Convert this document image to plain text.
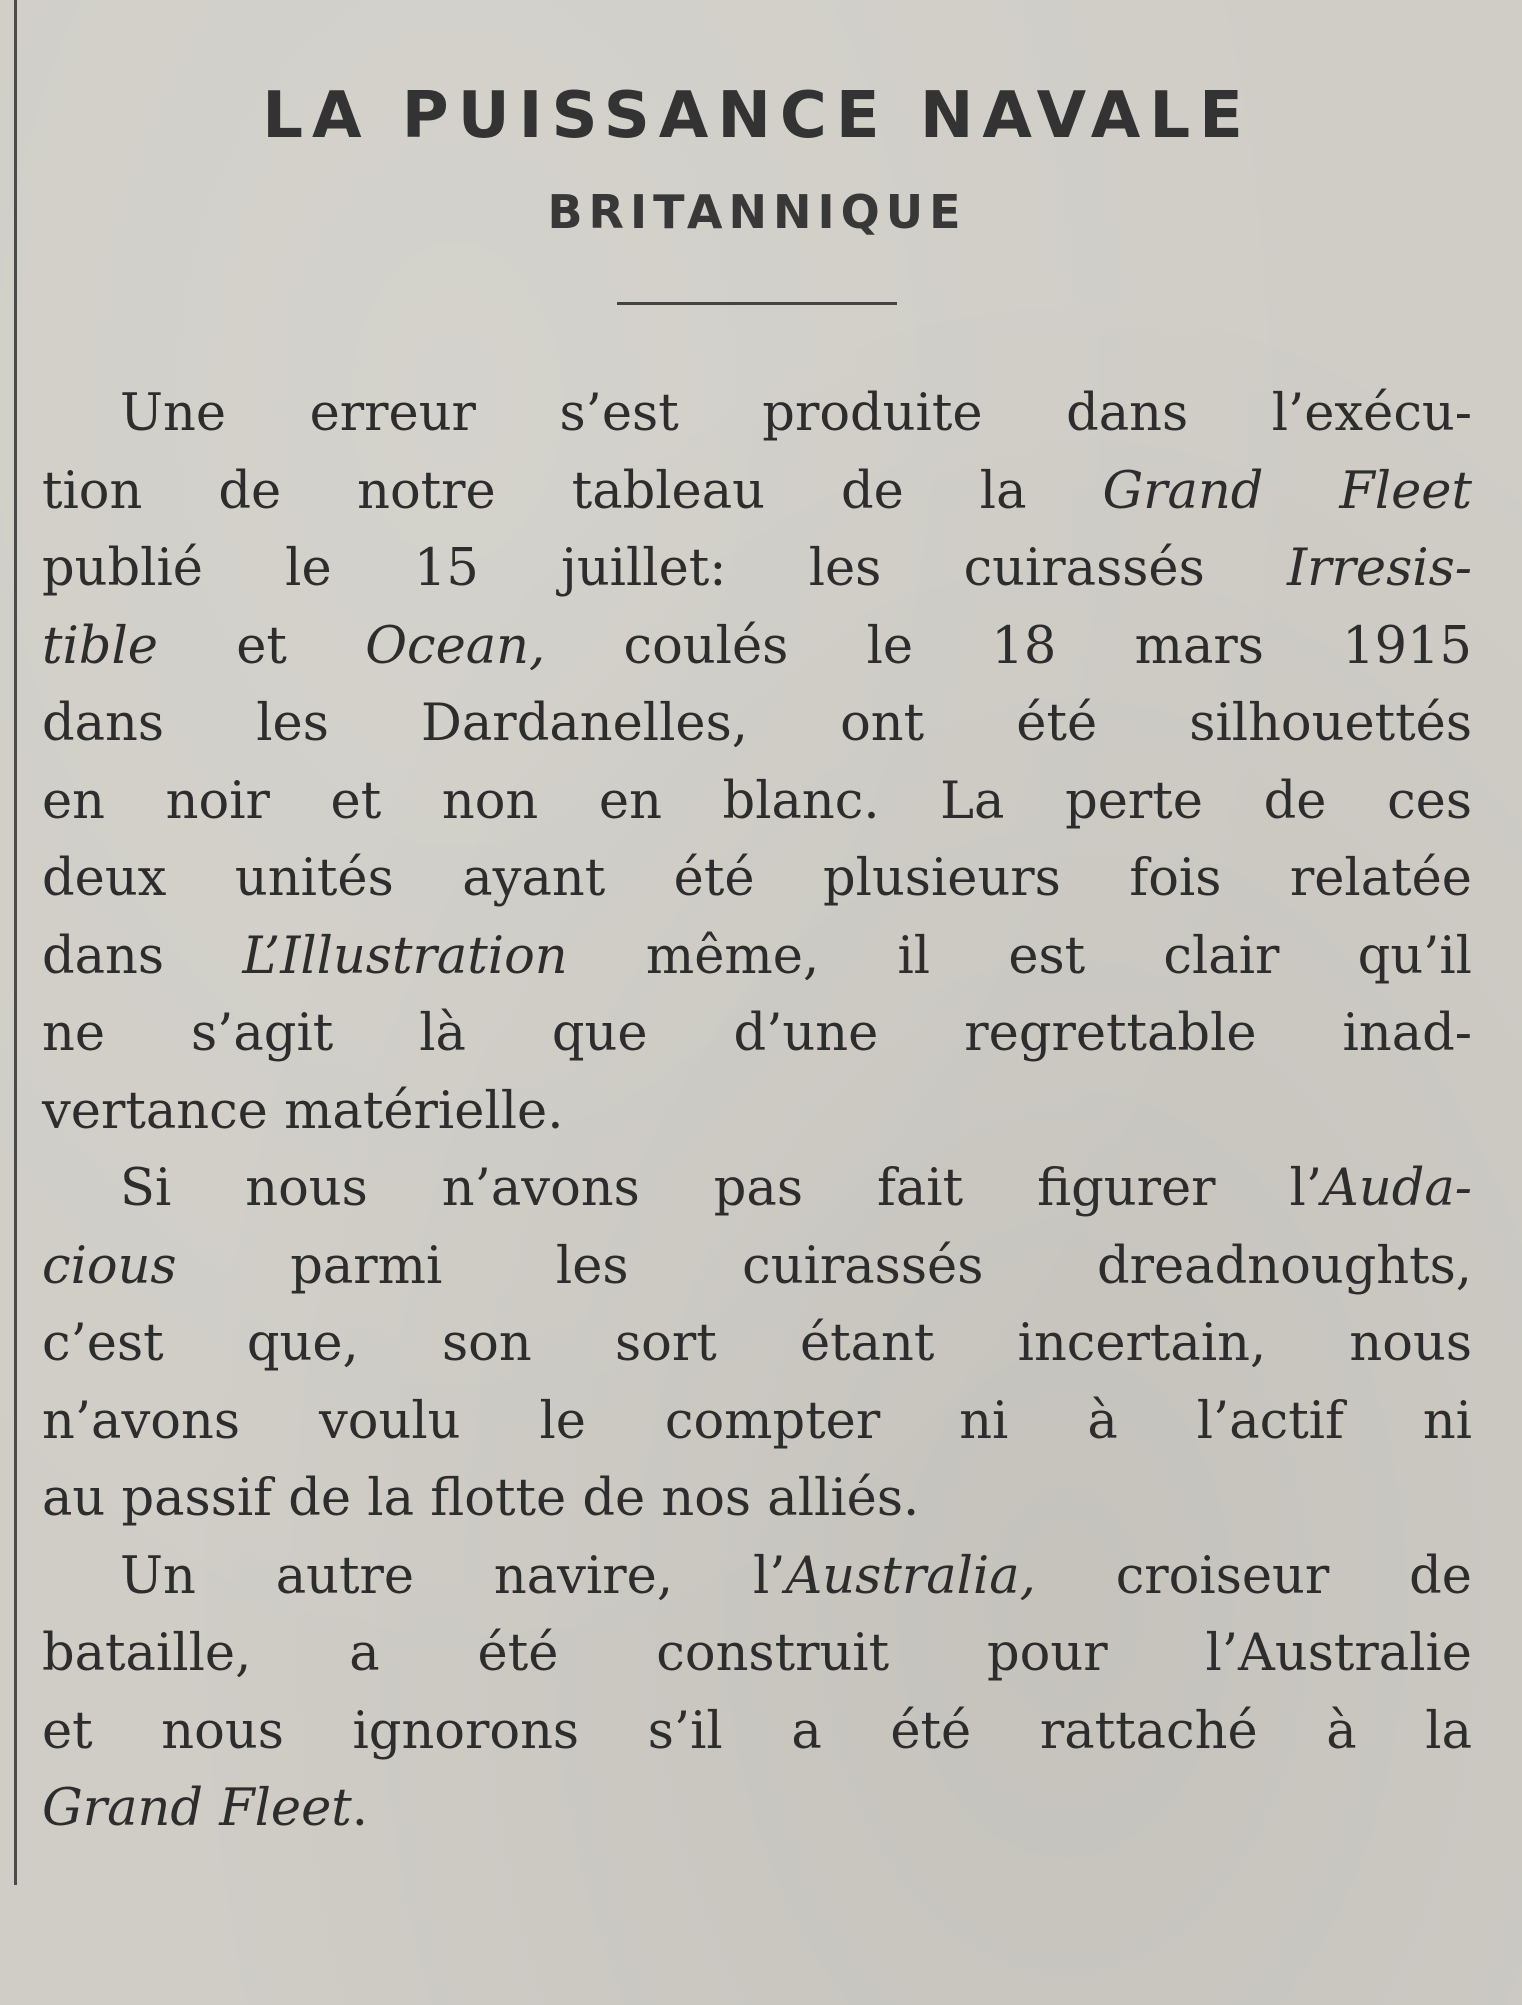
LA PUISSANCE NAVALE
BRITANNIQUE
Une erreur s’est produite dans l’exécu-
tion de notre tableau de la Grand Fleet
publié le 15 juillet: les cuirassés Irresis-
tible et Ocean, coulés le 18 mars 1915
dans les Dardanelles, ont été silhouettés
en noir et non en blanc. La perte de ces
deux unités ayant été plusieurs fois relatée
dans L’Illustration même, il est clair qu’il
ne s’agit là que d’une regrettable inad-
vertance matérielle.
Si nous n’avons pas fait figurer l’Auda-
cious parmi les cuirassés dreadnoughts,
c’est que, son sort étant incertain, nous
n’avons voulu le compter ni à l’actif ni
au passif de la flotte de nos alliés.
Un autre navire, l’Australia, croiseur de
bataille, a été construit pour l’Australie
et nous ignorons s’il a été rattaché à la
Grand Fleet.
